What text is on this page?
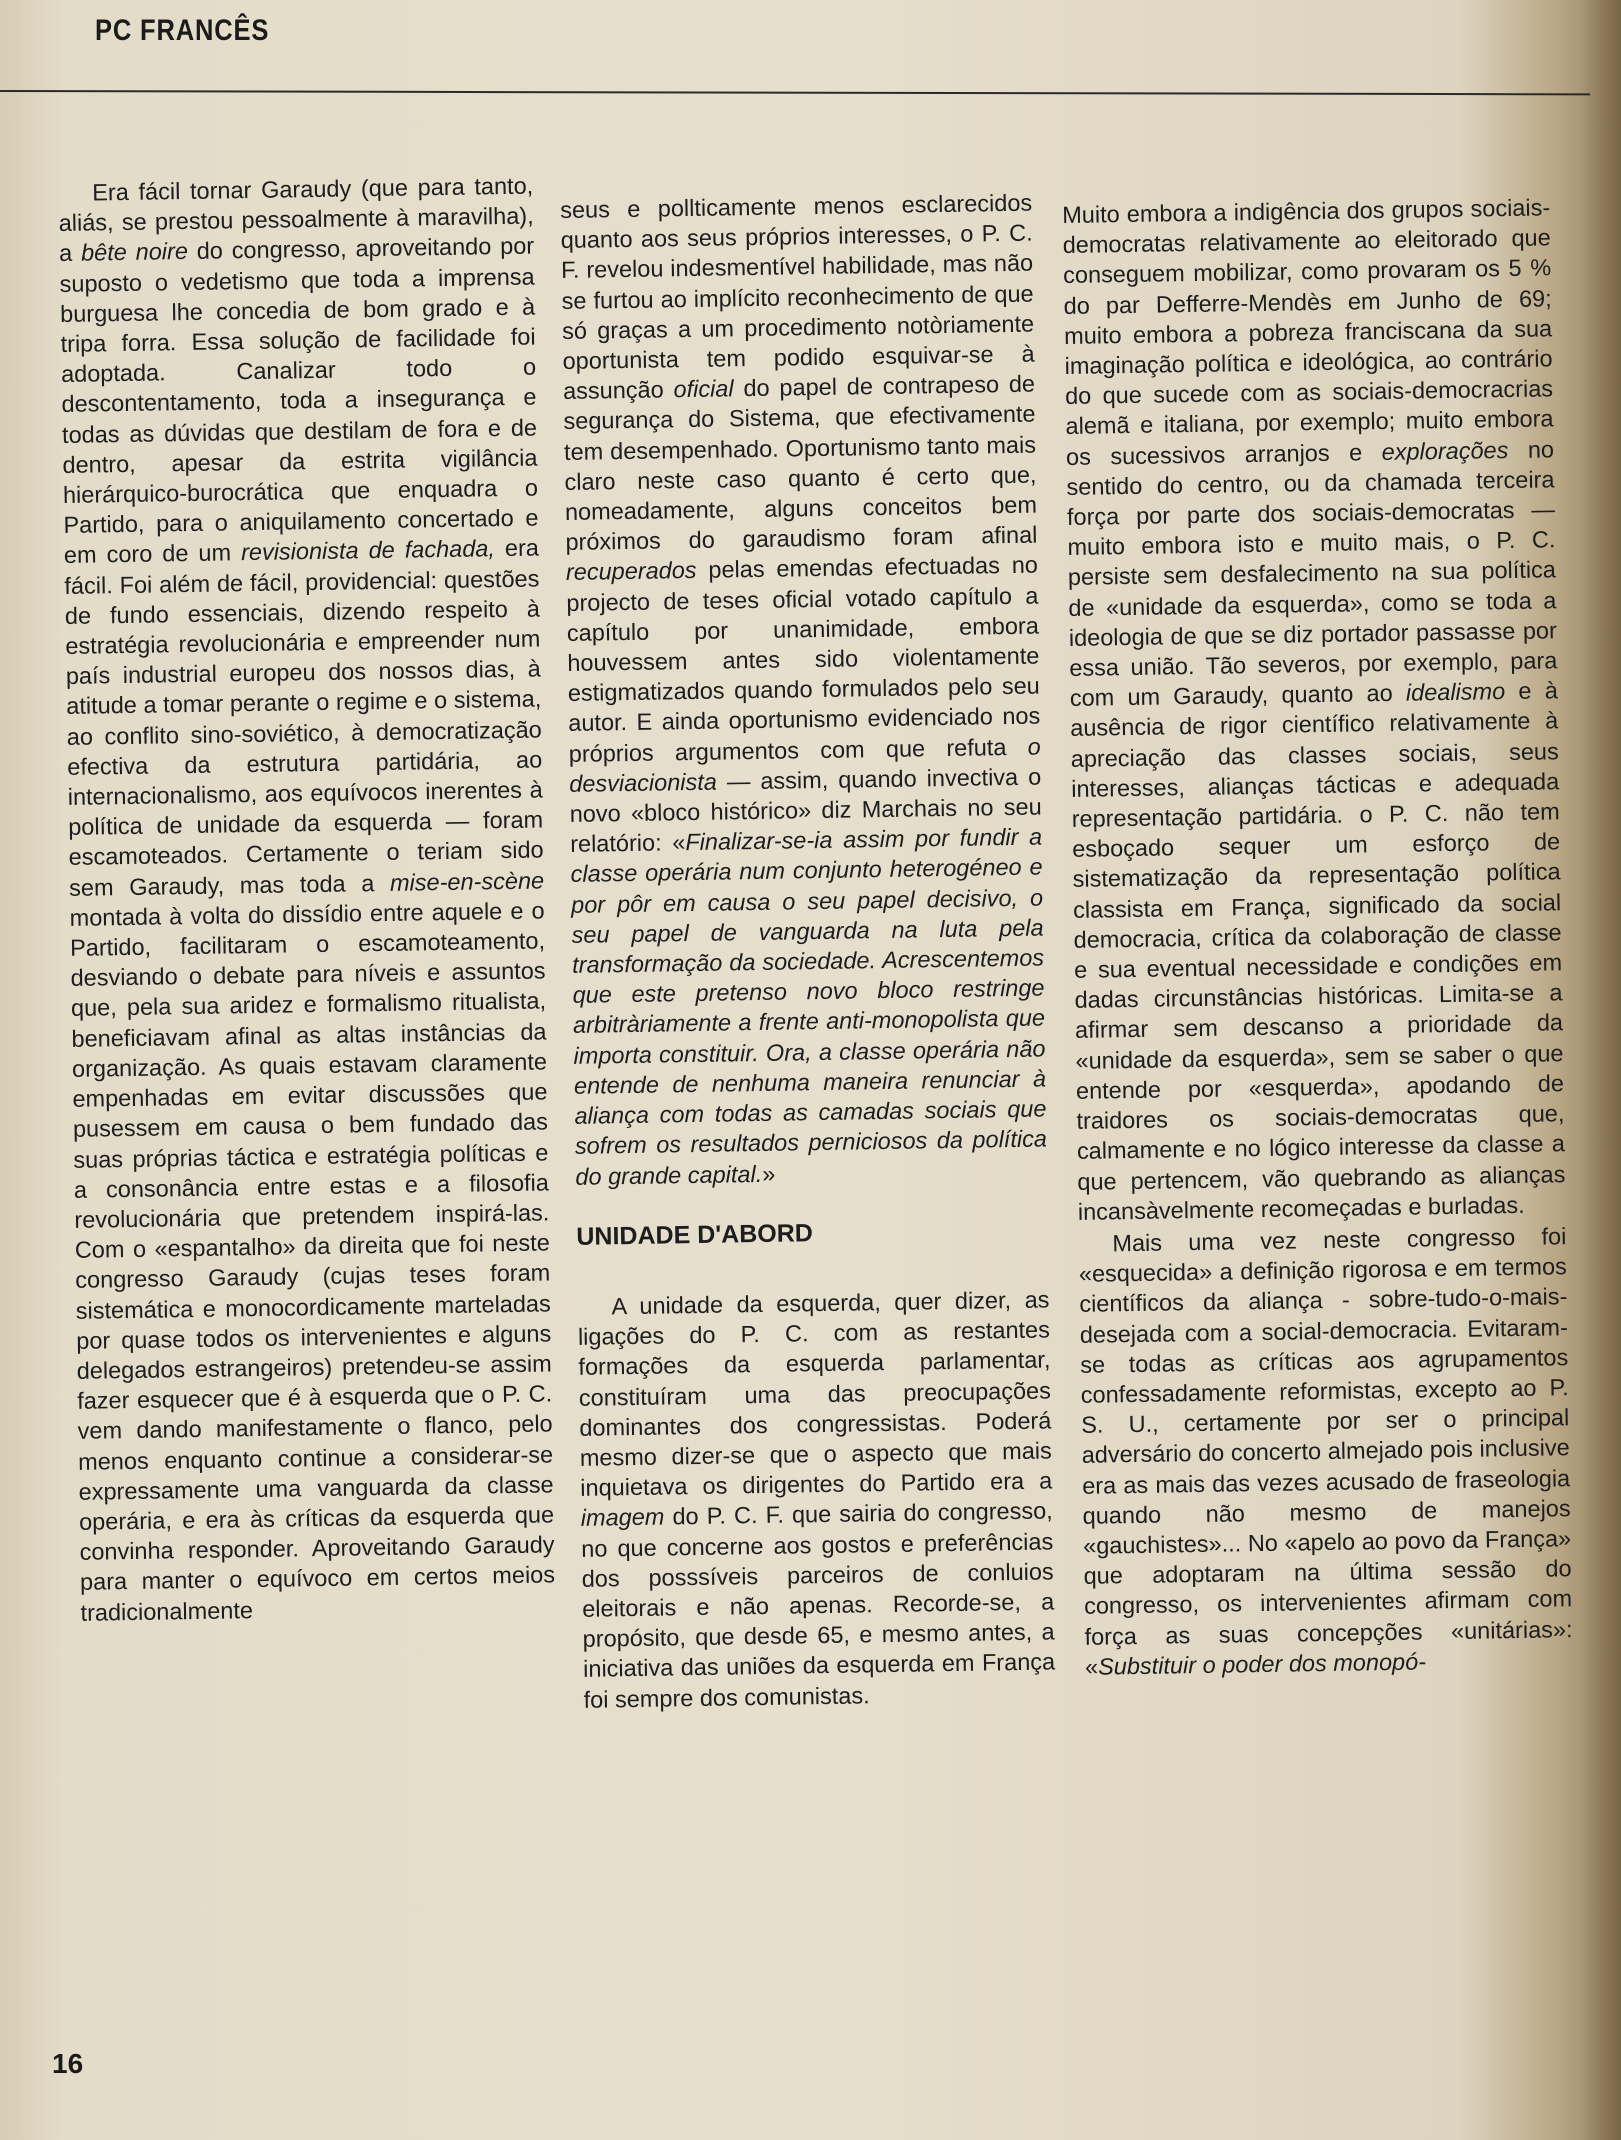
PC FRANCÊS

Era fácil tornar Garaudy (que para tanto, aliás, se prestou pessoalmente à maravilha), a bête noire do congresso, aproveitando por suposto o vedetismo que toda a imprensa burguesa lhe concedia de bom grado e à tripa forra. Essa solução de facilidade foi adoptada. Canalizar todo o descontentamento, toda a insegurança e todas as dúvidas que destilam de fora e de dentro, apesar da estrita vigilância hierárquico-burocrática que enquadra o Partido, para o aniquilamento concertado e em coro de um revisionista de fachada, era fácil. Foi além de fácil, providencial: questões de fundo essenciais, dizendo respeito à estratégia revolucionária e empreender num país industrial europeu dos nossos dias, à atitude a tomar perante o regime e o sistema, ao conflito sino-soviético, à democratização efectiva da estrutura partidária, ao internacionalismo, aos equívocos inerentes à política de unidade da esquerda — foram escamoteados. Certamente o teriam sido sem Garaudy, mas toda a mise-en-scène montada à volta do dissídio entre aquele e o Partido, facilitaram o escamoteamento, desviando o debate para níveis e assuntos que, pela sua aridez e formalismo ritualista, beneficiavam afinal as altas instâncias da organização. As quais estavam claramente empenhadas em evitar discussões que pusessem em causa o bem fundado das suas próprias táctica e estratégia políticas e a consonância entre estas e a filosofia revolucionária que pretendem inspirá-las. Com o «espantalho» da direita que foi neste congresso Garaudy (cujas teses foram sistemática e monocordicamente marteladas por quase todos os intervenientes e alguns delegados estrangeiros) pretendeu-se assim fazer esquecer que é à esquerda que o P. C. vem dando manifestamente o flanco, pelo menos enquanto continue a considerar-se expressamente uma vanguarda da classe operária, e era às críticas da esquerda que convinha responder. Aproveitando Garaudy para manter o equívoco em certos meios tradicionalmente

seus e pollticamente menos esclarecidos quanto aos seus próprios interesses, o P. C. F. revelou indesmentível habilidade, mas não se furtou ao implícito reconhecimento de que só graças a um procedimento notòriamente oportunista tem podido esquivar-se à assunção oficial do papel de contrapeso de segurança do Sistema, que efectivamente tem desempenhado. Oportunismo tanto mais claro neste caso quanto é certo que, nomeadamente, alguns conceitos bem próximos do garaudismo foram afinal recuperados pelas emendas efectuadas no projecto de teses oficial votado capítulo a capítulo por unanimidade, embora houvessem antes sido violentamente estigmatizados quando formulados pelo seu autor. E ainda oportunismo evidenciado nos próprios argumentos com que refuta o desviacionista — assim, quando invectiva o novo «bloco histórico» diz Marchais no seu relatório: «Finalizar-se-ia assim por fundir a classe operária num conjunto heterogéneo e por pôr em causa o seu papel decisivo, o seu papel de vanguarda na luta pela transformação da sociedade. Acrescentemos que este pretenso novo bloco restringe arbitràriamente a frente anti-monopolista que importa constituir. Ora, a classe operária não entende de nenhuma maneira renunciar à aliança com todas as camadas sociais que sofrem os resultados perniciosos da política do grande capital.»

UNIDADE D'ABORD

A unidade da esquerda, quer dizer, as ligações do P. C. com as restantes formações da esquerda parlamentar, constituíram uma das preocupações dominantes dos congressistas. Poderá mesmo dizer-se que o aspecto que mais inquietava os dirigentes do Partido era a imagem do P. C. F. que sairia do congresso, no que concerne aos gostos e preferências dos posssíveis parceiros de conluios eleitorais e não apenas. Recorde-se, a propósito, que desde 65, e mesmo antes, a iniciativa das uniões da esquerda em França foi sempre dos comunistas.

Muito embora a indigência dos grupos sociais-democratas relativamente ao eleitorado que conseguem mobilizar, como provaram os 5 % do par Defferre-Mendès em Junho de 69; muito embora a pobreza franciscana da sua imaginação política e ideológica, ao contrário do que sucede com as sociais-democracrias alemã e italiana, por exemplo; muito embora os sucessivos arranjos e explorações no sentido do centro, ou da chamada terceira força por parte dos sociais-democratas — muito embora isto e muito mais, o P. C. persiste sem desfalecimento na sua política de «unidade da esquerda», como se toda a ideologia de que se diz portador passasse por essa união. Tão severos, por exemplo, para com um Garaudy, quanto ao idealismo e à ausência de rigor científico relativamente à apreciação das classes sociais, seus interesses, alianças tácticas e adequada representação partidária. o P. C. não tem esboçado sequer um esforço de sistematização da representação política classista em França, significado da social democracia, crítica da colaboração de classe e sua eventual necessidade e condições em dadas circunstâncias históricas. Limita-se a afirmar sem descanso a prioridade da «unidade da esquerda», sem se saber o que entende por «esquerda», apodando de traidores os sociais-democratas que, calmamente e no lógico interesse da classe a que pertencem, vão quebrando as alianças incansàvelmente recomeçadas e burladas.

Mais uma vez neste congresso foi «esquecida» a definição rigorosa e em termos científicos da aliança - sobre-tudo-o-mais-desejada com a social-democracia. Evitaram-se todas as críticas aos agrupamentos confessadamente reformistas, excepto ao P. S. U., certamente por ser o principal adversário do concerto almejado pois inclusive era as mais das vezes acusado de fraseologia quando não mesmo de manejos «gauchistes»... No «apelo ao povo da França» que adoptaram na última sessão do congresso, os intervenientes afirmam com força as suas concepções «unitárias»: «Substituir o poder dos monopó-

16
